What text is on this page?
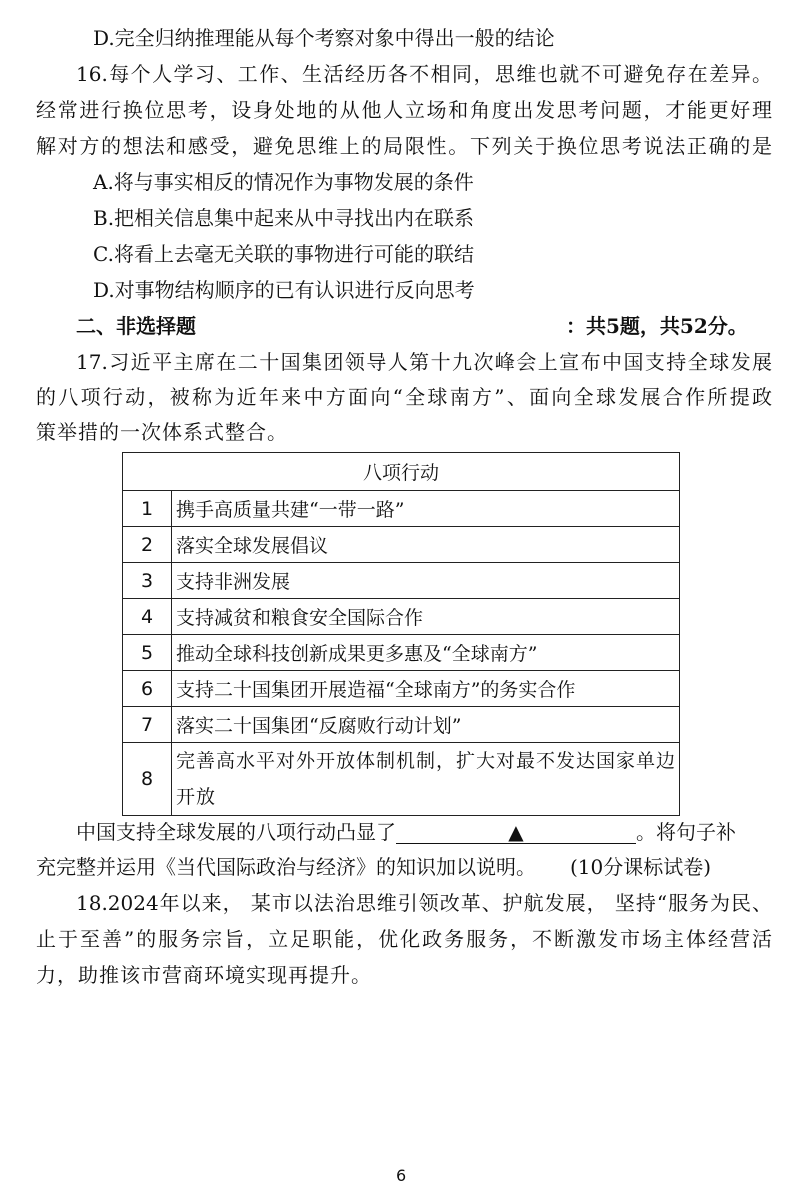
D.完全归纳推理能从每个考察对象中得出一般的结论
16.每个人学习、工作、生活经历各不相同，思维也就不可避免存在差异。
经常进行换位思考，设身处地的从他人立场和角度出发思考问题，才能更好理
解对方的想法和感受，避免思维上的局限性。下列关于换位思考说法正确的是
A.将与事实相反的情况作为事物发展的条件
B.把相关信息集中起来从中寻找出内在联系
C.将看上去毫无关联的事物进行可能的联结
D.对事物结构顺序的已有认识进行反向思考
二、非选择题	：共5题，共52分。
17.习近平主席在二十国集团领导人第十九次峰会上宣布中国支持全球发展
的八项行动，被称为近年来中方面向“全球南方”、面向全球发展合作所提政
策举措的一次体系式整合。
八项行动	
1	携手高质量共建“一带一路”
2	落实全球发展倡议
3	支持非洲发展
4	支持减贫和粮食安全国际合作
5	推动全球科技创新成果更多惠及“全球南方”
6	支持二十国集团开展造福“全球南方”的务实合作
7	落实二十国集团“反腐败行动计划”
8	完善高水平对外开放体制机制，扩大对最不发达国家单边开放
中国支持全球发展的八项行动凸显了	▲	。将句子补
充完整并运用《当代国际政治与经济》的知识加以说明。 (10分课标试卷)
18.2024年以来， 某市以法治思维引领改革、护航发展， 坚持“服务为民、
止于至善”的服务宗旨，立足职能，优化政务服务，不断激发市场主体经营活
力，助推该市营商环境实现再提升。
6
